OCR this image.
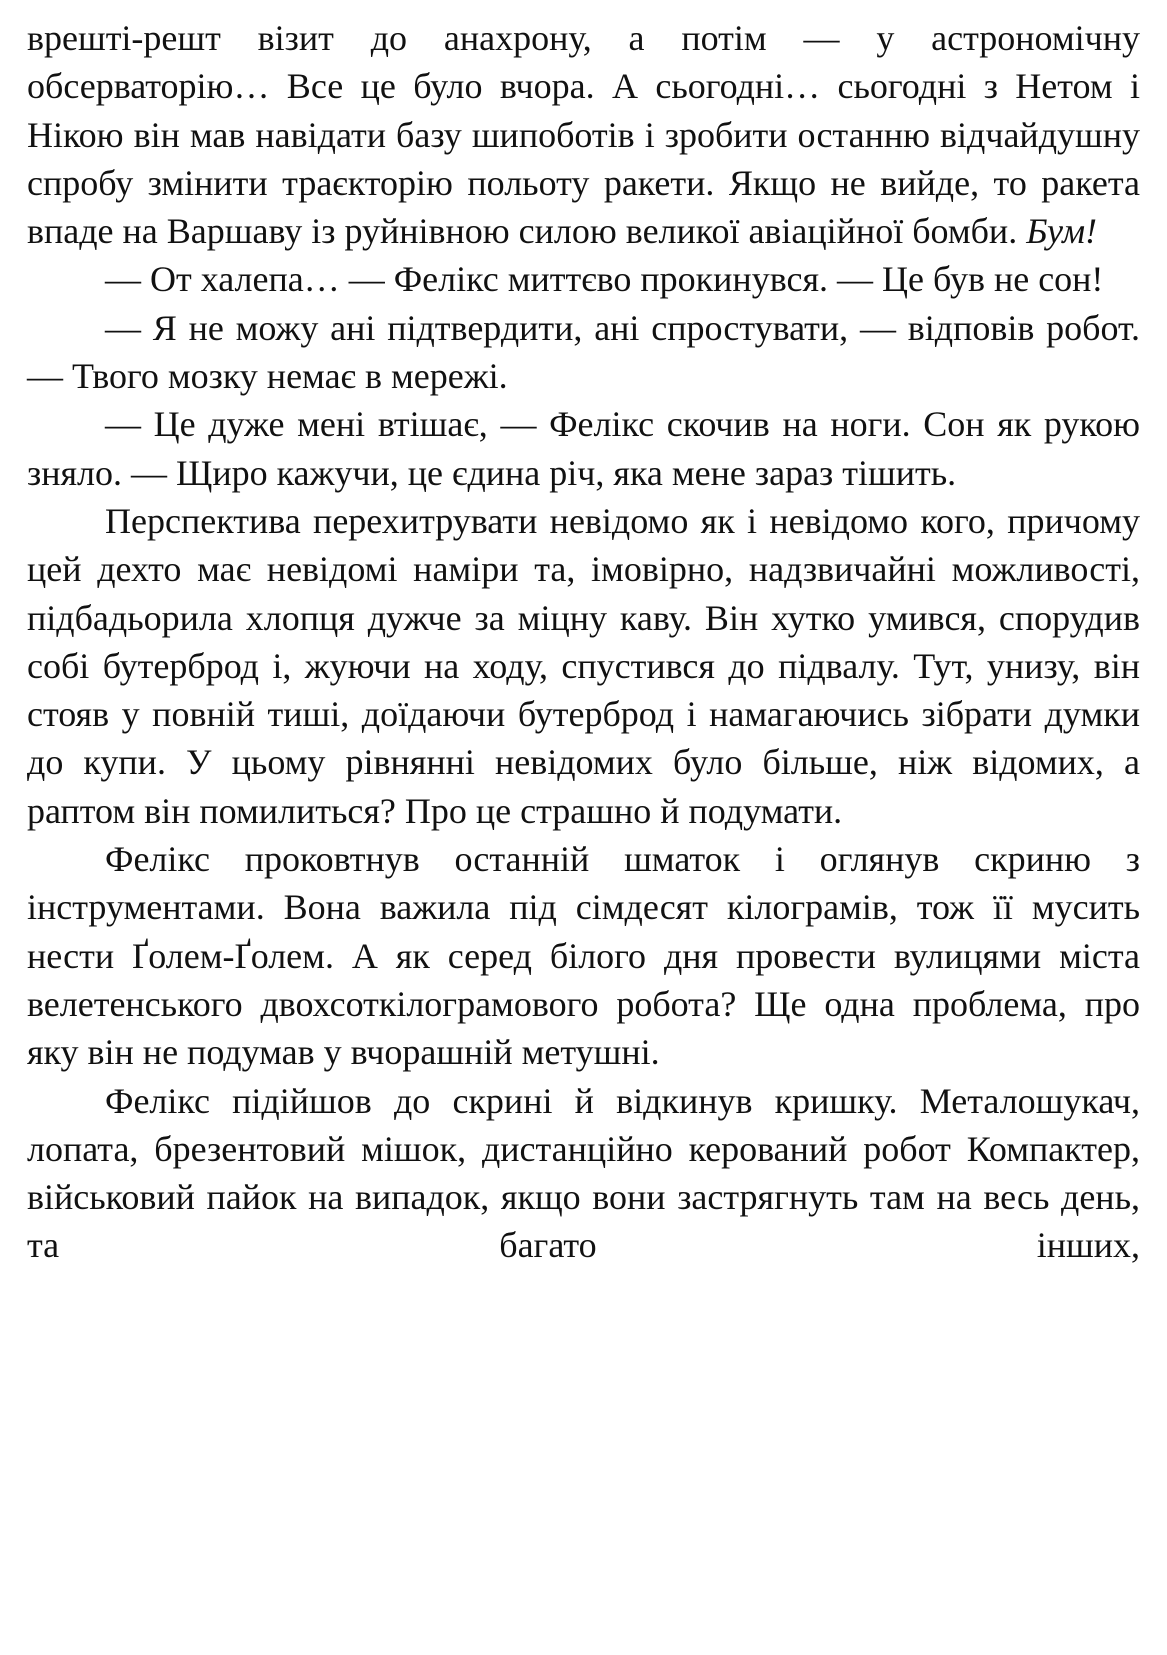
врешті-решт візит до анахрону, а потім — у астрономічну обсерваторію… Все це було вчора. А сьогодні… сьогодні з Нетом і Нікою він мав навідати базу шипоботів і зробити останню відчайдушну спробу змінити траєкторію польоту ракети. Якщо не вийде, то ракета впаде на Варшаву із руйнівною силою великої авіаційної бомби. Бум!

— От халепа… — Фелікс миттєво прокинувся. — Це був не сон!

— Я не можу ані підтвердити, ані спростувати, — відповів робот. — Твого мозку немає в мережі.

— Це дуже мені втішає, — Фелікс скочив на ноги. Сон як рукою зняло. — Щиро кажучи, це єдина річ, яка мене зараз тішить.

Перспектива перехитрувати невідомо як і невідомо кого, причому цей дехто має невідомі наміри та, імовірно, надзвичайні можливості, підбадьорила хлопця дужче за міцну каву. Він хутко умився, спорудив собі бутерброд і, жуючи на ходу, спустився до підвалу. Тут, унизу, він стояв у повній тиші, доїдаючи бутерброд і намагаючись зібрати думки до купи. У цьому рівнянні невідомих було більше, ніж відомих, а раптом він помилиться? Про це страшно й подумати.

Фелікс проковтнув останній шматок і оглянув скриню з інструментами. Вона важила під сімдесят кілограмів, тож її мусить нести Ґолем-Ґолем. А як серед білого дня провести вулицями міста велетенського двохсоткілограмового робота? Ще одна проблема, про яку він не подумав у вчорашній метушні.

Фелікс підійшов до скрині й відкинув кришку. Металошукач, лопата, брезентовий мішок, дистанційно керований робот Компактер, військовий пайок на випадок, якщо вони застрягнуть там на весь день, та багато інших,
